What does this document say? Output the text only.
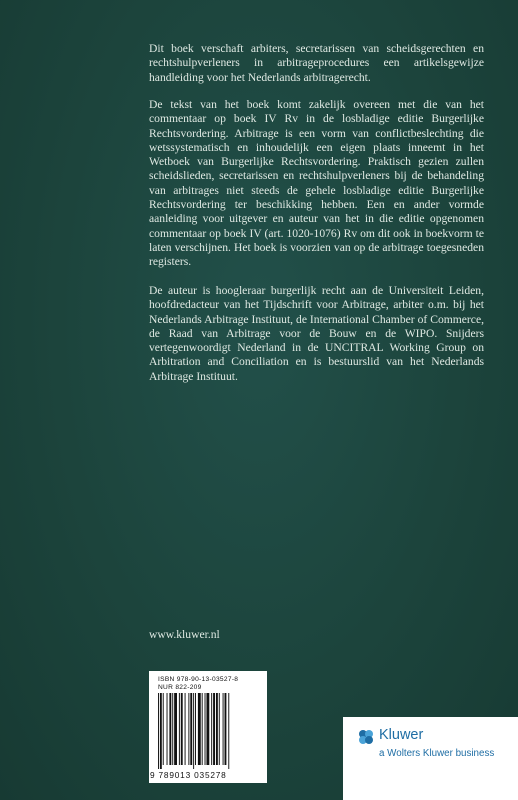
Dit boek verschaft arbiters, secretarissen van scheidsgerechten en rechtshulpverleners in arbitrageprocedures een artikelsgewijze handleiding voor het Nederlands arbitragerecht.

De tekst van het boek komt zakelijk overeen met die van het commentaar op boek IV Rv in de losbladige editie Burgerlijke Rechtsvordering. Arbitrage is een vorm van conflictbeslechting die wetssystematisch en inhoudelijk een eigen plaats inneemt in het Wetboek van Burgerlijke Rechtsvordering. Praktisch gezien zullen scheidslieden, secretarissen en rechtshulpverleners bij de behandeling van arbitrages niet steeds de gehele losbladige editie Burgerlijke Rechtsvordering ter beschikking hebben. Een en ander vormde aanleiding voor uitgever en auteur van het in die editie opgenomen commentaar op boek IV (art. 1020-1076) Rv om dit ook in boekvorm te laten verschijnen. Het boek is voorzien van op de arbitrage toegesneden registers.

De auteur is hoogleraar burgerlijk recht aan de Universiteit Leiden, hoofdredacteur van het Tijdschrift voor Arbitrage, arbiter o.m. bij het Nederlands Arbitrage Instituut, de International Chamber of Commerce, de Raad van Arbitrage voor de Bouw en de WIPO. Snijders vertegenwoordigt Nederland in de UNCITRAL Working Group on Arbitration and Conciliation en is bestuurslid van het Nederlands Arbitrage Instituut.

www.kluwer.nl
ISBN 978-90-13-03527-8
NUR 822-209
9 789013 035278
Kluwer
a Wolters Kluwer business
